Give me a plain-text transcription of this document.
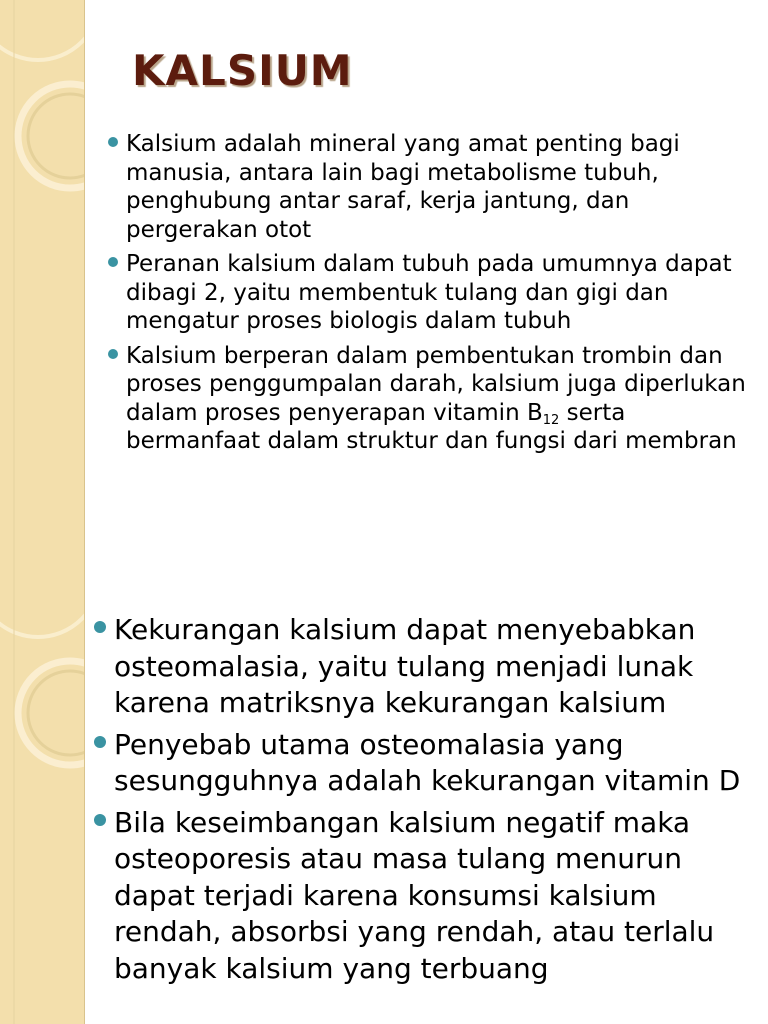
KALSIUM
Kalsium adalah mineral yang amat penting bagi manusia, antara lain bagi metabolisme tubuh, penghubung antar saraf, kerja jantung, dan pergerakan otot
Peranan kalsium dalam tubuh pada umumnya dapat dibagi 2, yaitu membentuk tulang dan gigi dan mengatur proses biologis dalam tubuh
Kalsium berperan dalam pembentukan trombin dan proses penggumpalan darah, kalsium juga diperlukan dalam proses penyerapan vitamin $B_{12}$ serta bermanfaat dalam struktur dan fungsi dari membran
Kekurangan kalsium dapat menyebabkan osteomalasia, yaitu tulang menjadi lunak karena matriksnya kekurangan kalsium
Penyebab utama osteomalasia yang sesungguhnya adalah kekurangan vitamin D
Bila keseimbangan kalsium negatif maka osteoporesis atau masa tulang menurun dapat terjadi karena konsumsi kalsium rendah, absorbsi yang rendah, atau terlalu banyak kalsium yang terbuang
